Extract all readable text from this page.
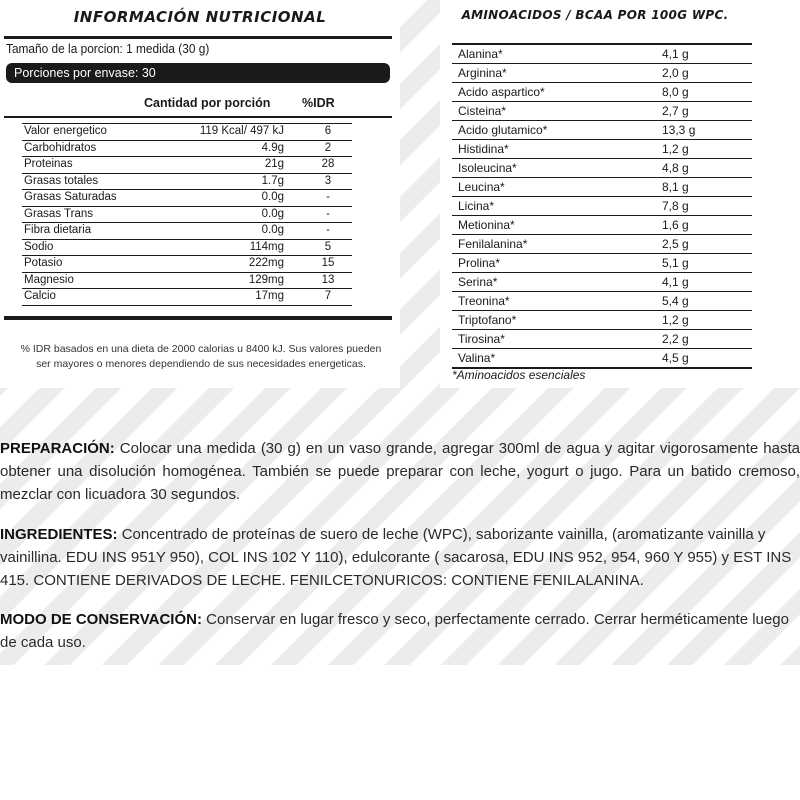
INFORMACIÓN NUTRICIONAL
Tamaño de la porcion: 1 medida (30 g)
Porciones por envase: 30
Cantidad por porción	%IDR
Valor energetico	119 Kcal/ 497 kJ	6
Carbohidratos	4.9g	2
Proteinas	21g	28
Grasas totales	1.7g	3
Grasas Saturadas	0.0g	-
Grasas Trans	0.0g	-
Fibra dietaria	0.0g	-
Sodio	114mg	5
Potasio	222mg	15
Magnesio	129mg	13
Calcio	17mg	7
% IDR basados en una dieta de 2000 calorias u 8400 kJ. Sus valores pueden
ser mayores o menores dependiendo de sus necesidades energeticas.
AMINOACIDOS / BCAA POR 100G WPC.
Alanina*	4,1 g
Arginina*	2,0 g
Acido aspartico*	8,0 g
Cisteina*	2,7 g
Acido glutamico*	13,3 g
Histidina*	1,2 g
Isoleucina*	4,8 g
Leucina*	8,1 g
Licina*	7,8 g
Metionina*	1,6 g
Fenilalanina*	2,5 g
Prolina*	5,1 g
Serina*	4,1 g
Treonina*	5,4 g
Triptofano*	1,2 g
Tirosina*	2,2 g
Valina*	4,5 g
*Aminoacidos esenciales
PREPARACIÓN: Colocar una medida (30 g) en un vaso grande, agregar 300ml de agua y agitar vigorosamente hasta obtener una disolución homogénea. También se puede preparar con leche, yogurt o jugo. Para un batido cremoso, mezclar con licuadora 30 segundos.
INGREDIENTES: Concentrado de proteínas de suero de leche (WPC), saborizante vainilla, (aromatizante vainilla y vainillina. EDU INS 951Y 950), COL INS 102 Y 110), edulcorante ( sacarosa, EDU INS 952, 954, 960 Y 955) y EST INS 415. CONTIENE DERIVADOS DE LECHE. FENILCETONURICOS: CONTIENE FENILALANINA.
MODO DE CONSERVACIÓN: Conservar en lugar fresco y seco, perfectamente cerrado. Cerrar herméticamente luego de cada uso.
